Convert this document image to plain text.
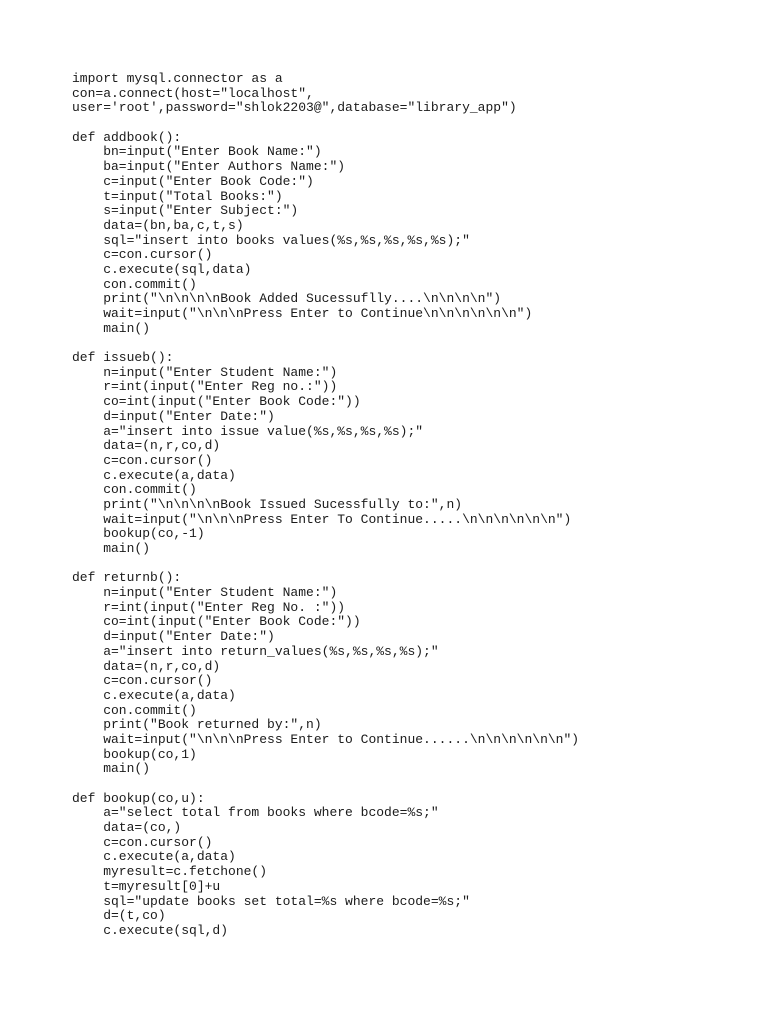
import mysql.connector as a
con=a.connect(host="localhost",
user='root',password="shlok2203@",database="library_app")
def addbook():
bn=input("Enter Book Name:")
ba=input("Enter Authors Name:")
c=input("Enter Book Code:")
t=input("Total Books:")
s=input("Enter Subject:")
data=(bn,ba,c,t,s)
sql="insert into books values(%s,%s,%s,%s,%s);"
c=con.cursor()
c.execute(sql,data)
con.commit()
print("\n\n\n\nBook Added Sucessuflly....\n\n\n\n")
wait=input("\n\n\nPress Enter to Continue\n\n\n\n\n\n")
main()
def issueb():
n=input("Enter Student Name:")
r=int(input("Enter Reg no.:"))
co=int(input("Enter Book Code:"))
d=input("Enter Date:")
a="insert into issue value(%s,%s,%s,%s);"
data=(n,r,co,d)
c=con.cursor()
c.execute(a,data)
con.commit()
print("\n\n\n\nBook Issued Sucessfully to:",n)
wait=input("\n\n\nPress Enter To Continue.....\n\n\n\n\n\n")
bookup(co,-1)
main()
def returnb():
n=input("Enter Student Name:")
r=int(input("Enter Reg No. :"))
co=int(input("Enter Book Code:"))
d=input("Enter Date:")
a="insert into return_values(%s,%s,%s,%s);"
data=(n,r,co,d)
c=con.cursor()
c.execute(a,data)
con.commit()
print("Book returned by:",n)
wait=input("\n\n\nPress Enter to Continue......\n\n\n\n\n\n")
bookup(co,1)
main()
def bookup(co,u):
a="select total from books where bcode=%s;"
data=(co,)
c=con.cursor()
c.execute(a,data)
myresult=c.fetchone()
t=myresult[0]+u
sql="update books set total=%s where bcode=%s;"
d=(t,co)
c.execute(sql,d)
